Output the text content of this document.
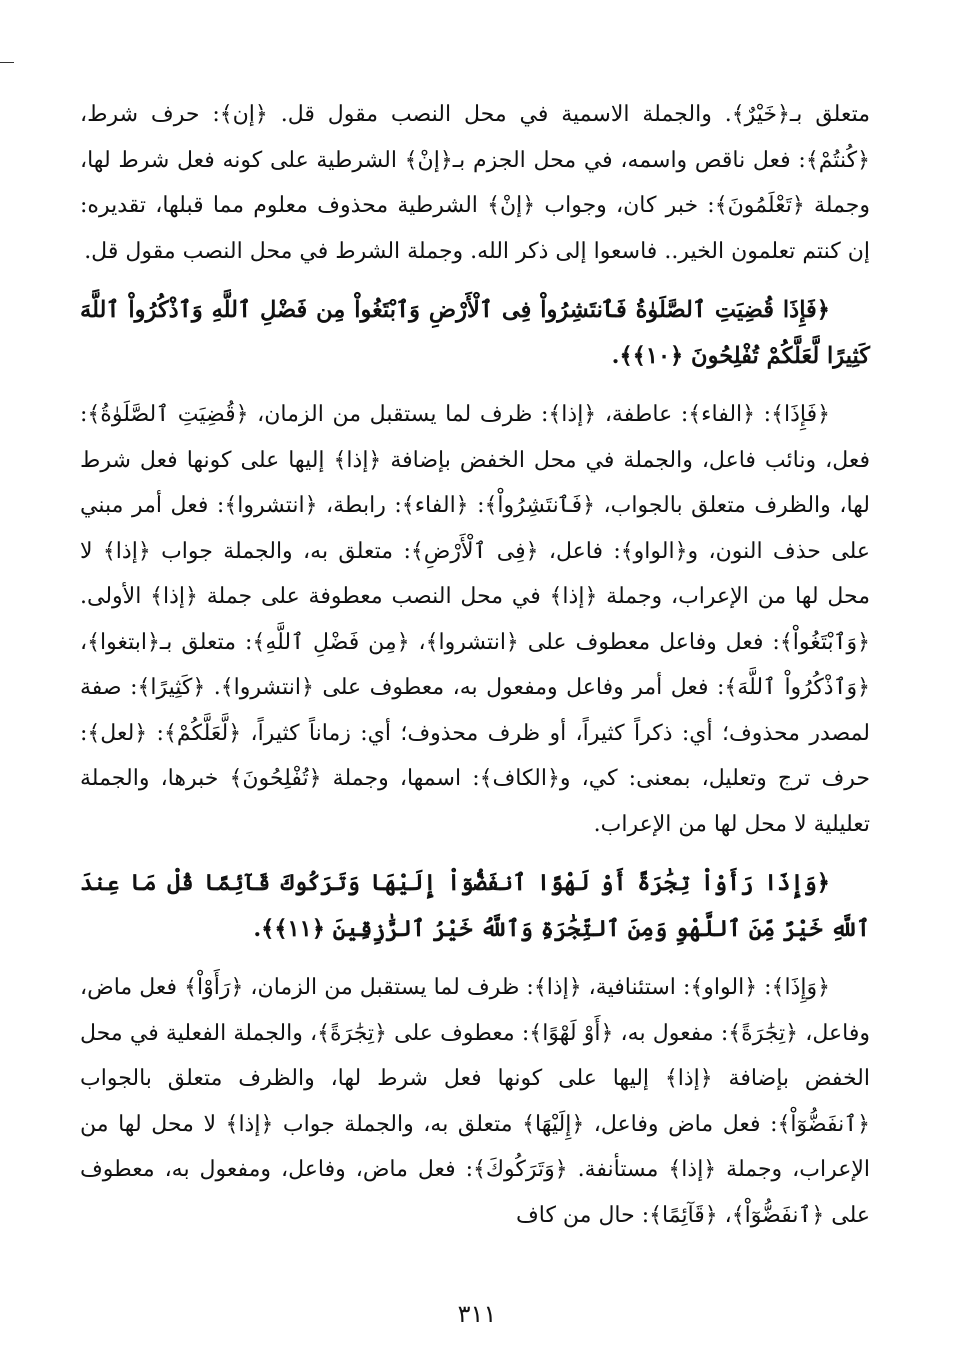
متعلق بـ﴿خَيْرٌ﴾. والجملة الاسمية في محل النصب مقول قل. ﴿إن﴾: حرف شرط، ﴿كُنتُمْ﴾: فعل ناقص واسمه، في محل الجزم بـ﴿إنْ﴾ الشرطية على كونه فعل شرط لها، وجملة ﴿تَعْلَمُونَ﴾: خبر كان، وجواب ﴿إنْ﴾ الشرطية محذوف معلوم مما قبلها، تقديره: إن كنتم تعلمون الخير.. فاسعوا إلى ذكر الله. وجملة الشرط في محل النصب مقول قل.

﴿فَإِذَا قُضِيَتِ ٱلصَّلَوٰةُ فَٱنتَشِرُواْ فِى ٱلْأَرْضِ وَٱبْتَغُواْ مِن فَضْلِ ٱللَّهِ وَٱذْكُرُواْ ٱللَّهَ كَثِيرًا لَّعَلَّكُمْ تُفْلِحُونَ ﴿١٠﴾﴾.

﴿فَإِذَا﴾: ﴿الفاء﴾: عاطفة، ﴿إذا﴾: ظرف لما يستقبل من الزمان، ﴿قُضِيَتِ ٱلصَّلَوٰةُ﴾: فعل، ونائب فاعل، والجملة في محل الخفض بإضافة ﴿إذا﴾ إليها على كونها فعل شرط لها، والظرف متعلق بالجواب، ﴿فَٱنتَشِرُواْ﴾: ﴿الفاء﴾: رابطة، ﴿انتشروا﴾: فعل أمر مبني على حذف النون، و﴿الواو﴾: فاعل، ﴿فِى ٱلْأَرْضِ﴾: متعلق به، والجملة جواب ﴿إذا﴾ لا محل لها من الإعراب، وجملة ﴿إذا﴾ في محل النصب معطوفة على جملة ﴿إذا﴾ الأولى. ﴿وَٱبْتَغُواْ﴾: فعل وفاعل معطوف على ﴿انتشروا﴾، ﴿مِن فَضْلِ ٱللَّهِ﴾: متعلق بـ﴿ابتغوا﴾، ﴿وَٱذْكُرُواْ ٱللَّهَ﴾: فعل أمر وفاعل ومفعول به، معطوف على ﴿انتشروا﴾. ﴿كَثِيرًا﴾: صفة لمصدر محذوف؛ أي: ذكراً كثيراً، أو ظرف محذوف؛ أي: زماناً كثيراً، ﴿لَّعَلَّكُمْ﴾: ﴿لعل﴾: حرف ترج وتعليل، بمعنى: كي، و﴿الكاف﴾: اسمها، وجملة ﴿تُفْلِحُونَ﴾ خبرها، والجملة تعليلية لا محل لها من الإعراب.

﴿وَإِذَا رَأَوْاْ تِجَٰرَةً أَوْ لَهْوًا ٱنفَضُّوٓاْ إِلَيْهَا وَتَرَكُوكَ قَآئِمًا قُلْ مَا عِندَ ٱللَّهِ خَيْرٌ مِّنَ ٱللَّهْوِ وَمِنَ ٱلتِّجَٰرَةِ وَٱللَّهُ خَيْرُ ٱلرَّٰزِقِينَ ﴿١١﴾﴾.

﴿وَإِذَا﴾: ﴿الواو﴾: استئنافية، ﴿إذا﴾: ظرف لما يستقبل من الزمان، ﴿رَأَوْاْ﴾ فعل ماض، وفاعل، ﴿تِجَٰرَةً﴾: مفعول به، ﴿أَوْ لَهْوًا﴾: معطوف على ﴿تِجَٰرَةً﴾، والجملة الفعلية في محل الخفض بإضافة ﴿إذا﴾ إليها على كونها فعل شرط لها، والظرف متعلق بالجواب ﴿ٱنفَضُّوٓاْ﴾: فعل ماض وفاعل، ﴿إِلَيْهَا﴾ متعلق به، والجملة جواب ﴿إذا﴾ لا محل لها من الإعراب، وجملة ﴿إذا﴾ مستأنفة. ﴿وَتَرَكُوكَ﴾: فعل ماض، وفاعل، ومفعول به، معطوف على ﴿ٱنفَضُّوٓاْ﴾، ﴿قَآئِمًا﴾: حال من كاف

٣١١
